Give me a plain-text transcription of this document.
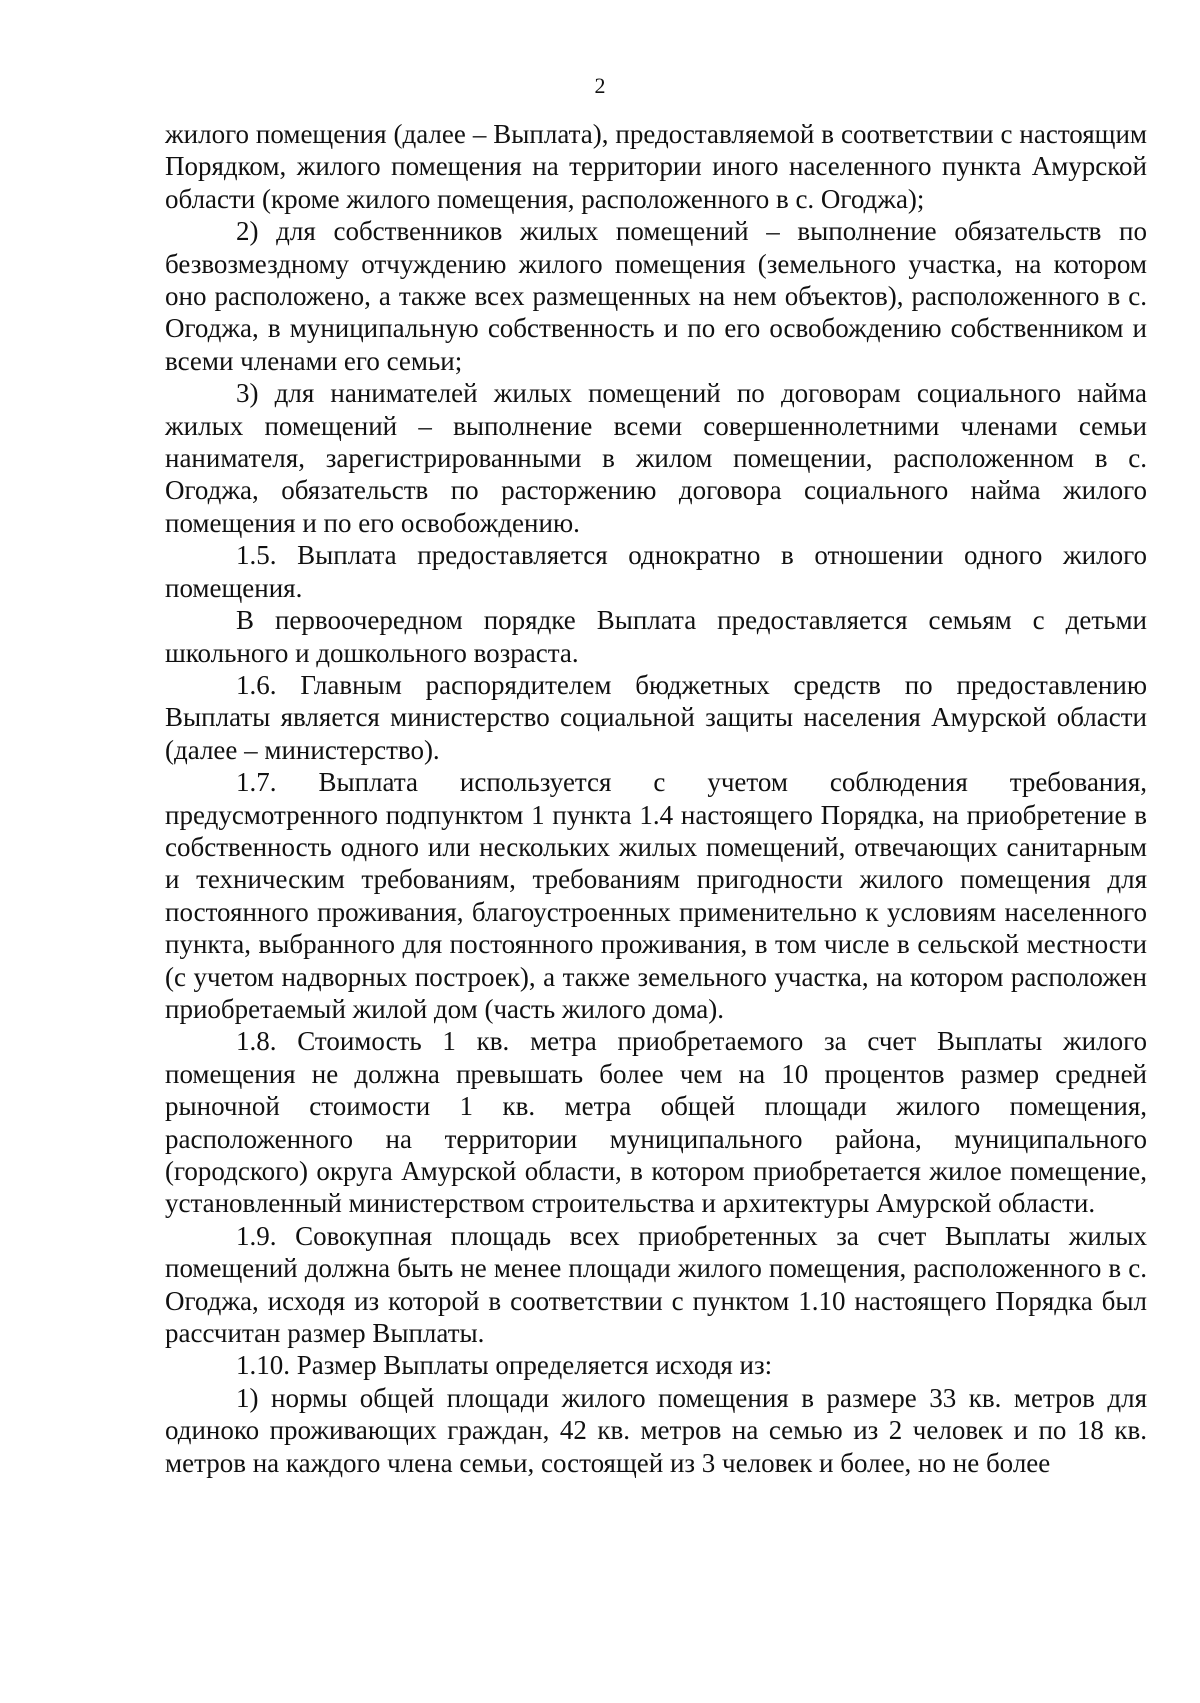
2

жилого помещения (далее – Выплата), предоставляемой в соответствии с настоящим Порядком, жилого помещения на территории иного населенного пункта Амурской области (кроме жилого помещения, расположенного в с. Огоджа);

2) для собственников жилых помещений – выполнение обязательств по безвозмездному отчуждению жилого помещения (земельного участка, на котором оно расположено, а также всех размещенных на нем объектов), расположенного в с. Огоджа, в муниципальную собственность и по его освобождению собственником и всеми членами его семьи;

3) для нанимателей жилых помещений по договорам социального найма жилых помещений – выполнение всеми совершеннолетними членами семьи нанимателя, зарегистрированными в жилом помещении, расположенном в с. Огоджа, обязательств по расторжению договора социального найма жилого помещения и по его освобождению.

1.5. Выплата предоставляется однократно в отношении одного жилого помещения.

В первоочередном порядке Выплата предоставляется семьям с детьми школьного и дошкольного возраста.

1.6. Главным распорядителем бюджетных средств по предоставлению Выплаты является министерство социальной защиты населения Амурской области (далее – министерство).

1.7. Выплата используется с учетом соблюдения требования, предусмотренного подпунктом 1 пункта 1.4 настоящего Порядка, на приобретение в собственность одного или нескольких жилых помещений, отвечающих санитарным и техническим требованиям, требованиям пригодности жилого помещения для постоянного проживания, благоустроенных применительно к условиям населенного пункта, выбранного для постоянного проживания, в том числе в сельской местности (с учетом надворных построек), а также земельного участка, на котором расположен приобретаемый жилой дом (часть жилого дома).

1.8. Стоимость 1 кв. метра приобретаемого за счет Выплаты жилого помещения не должна превышать более чем на 10 процентов размер средней рыночной стоимости 1 кв. метра общей площади жилого помещения, расположенного на территории муниципального района, муниципального (городского) округа Амурской области, в котором приобретается жилое помещение, установленный министерством строительства и архитектуры Амурской области.

1.9. Совокупная площадь всех приобретенных за счет Выплаты жилых помещений должна быть не менее площади жилого помещения, расположенного в с. Огоджа, исходя из которой в соответствии с пунктом 1.10 настоящего Порядка был рассчитан размер Выплаты.

1.10. Размер Выплаты определяется исходя из:

1) нормы общей площади жилого помещения в размере 33 кв. метров для одиноко проживающих граждан, 42 кв. метров на семью из 2 человек и по 18 кв. метров на каждого члена семьи, состоящей из 3 человек и более, но не более
